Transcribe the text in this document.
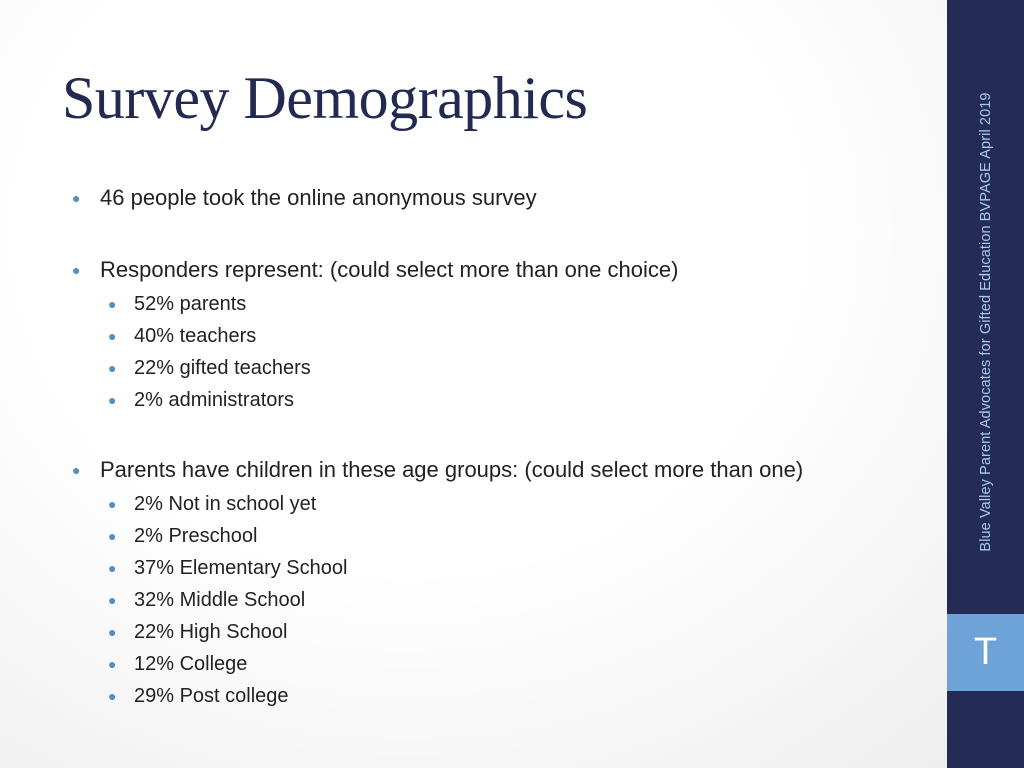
Survey Demographics
● 46 people took the online anonymous survey
● Responders represent: (could select more than one choice)
● 52% parents
● 40% teachers
● 22% gifted teachers
● 2% administrators
● Parents have children in these age groups: (could select more than one)
● 2% Not in school yet
● 2% Preschool
● 37% Elementary School
● 32% Middle School
● 22% High School
● 12% College
● 29% Post college
Blue Valley Parent Advocates for Gifted Education BVPAGE April 2019
T
